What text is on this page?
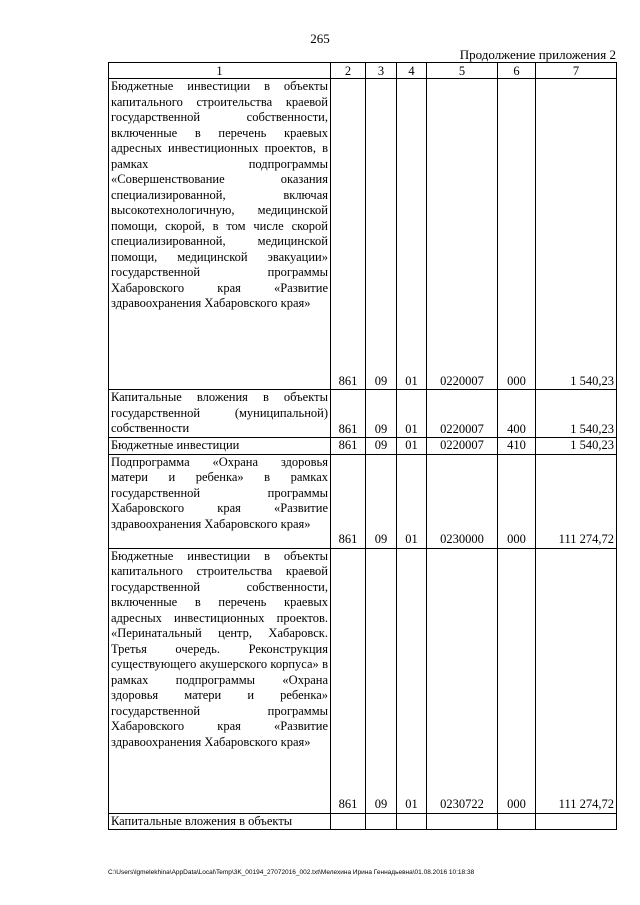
265
Продолжение приложения 2
1	2	3	4	5	6	7
Бюджетные инвестиции в объекты капитального строительства краевой государственной собственности, включенные в перечень краевых адресных инвестиционных проектов, в рамках подпрограммы «Совершенствование оказания специализированной, включая высокотехнологичную, медицинской помощи, скорой, в том числе скорой специализированной, медицинской помощи, медицинской эвакуации» государственной программы Хабаровского края «Развитие здравоохранения Хабаровского края»	861	09	01	0220007	000	1 540,23
Капитальные вложения в объекты государственной (муниципальной) собственности	861	09	01	0220007	400	1 540,23
Бюджетные инвестиции	861	09	01	0220007	410	1 540,23
Подпрограмма «Охрана здоровья матери и ребенка» в рамках государственной программы Хабаровского края «Развитие здравоохранения Хабаровского края»	861	09	01	0230000	000	111 274,72
Бюджетные инвестиции в объекты капитального строительства краевой государственной собственности, включенные в перечень краевых адресных инвестиционных проектов. «Перинатальный центр, Хабаровск. Третья очередь. Реконструкция существующего акушерского корпуса» в рамках подпрограммы «Охрана здоровья матери и ребенка» государственной программы Хабаровского края «Развитие здравоохранения Хабаровского края»	861	09	01	0230722	000	111 274,72
Капитальные вложения в объекты						
C:\Users\lgmelekhina\AppData\Local\Temp\3K_00194_27072016_002.txt\Мелехина Ирина Геннадьевна\01.08.2016 10:18:38
